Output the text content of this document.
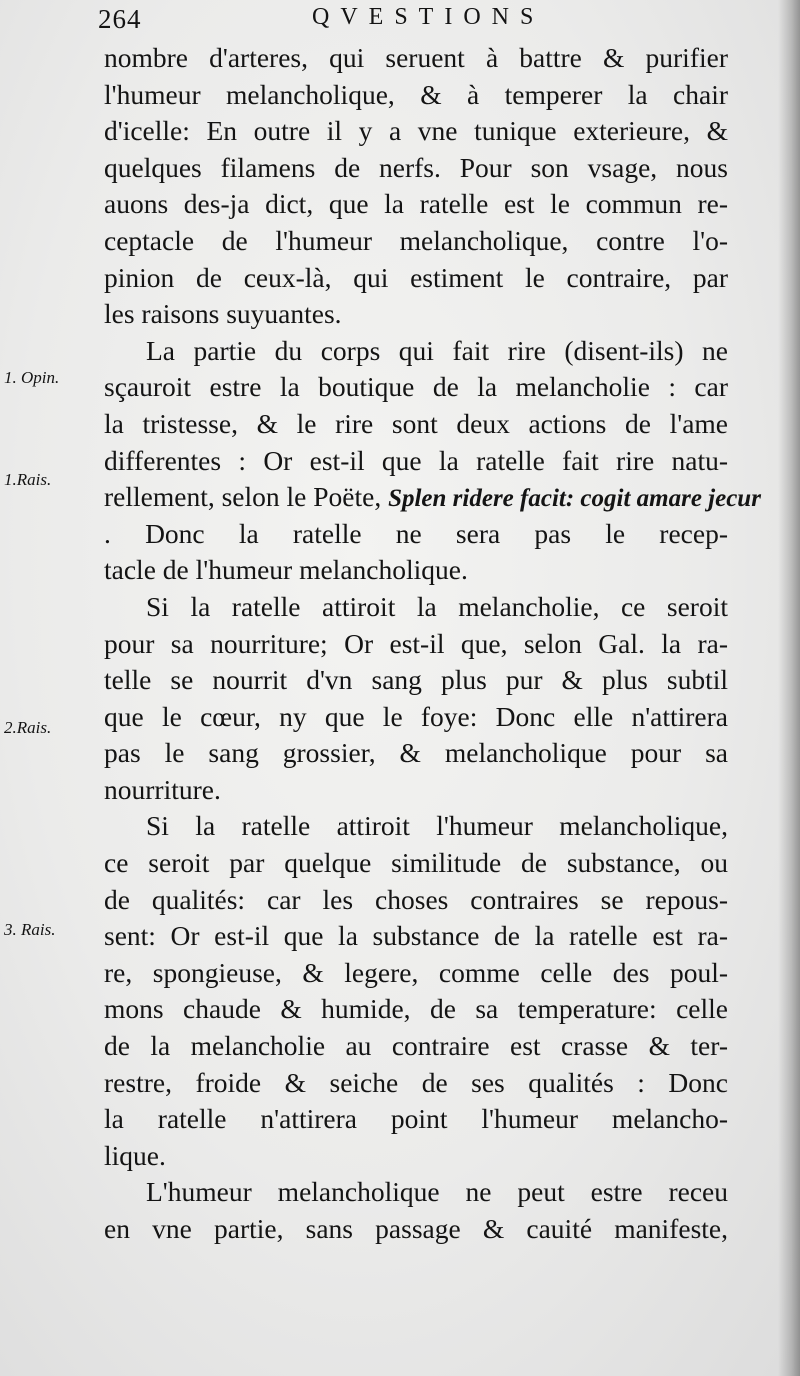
264	QVESTIONS
1. Opin.
1.Rais.
2.Rais.
3. Rais.
nombre d'arteres, qui seruent à battre & purifier
l'humeur melancholique, & à temperer la chair
d'icelle: En outre il y a vne tunique exterieure, &
quelques filamens de nerfs. Pour son vsage, nous
auons des-ja dict, que la ratelle est le commun re-
ceptacle de l'humeur melancholique, contre l'o-
pinion de ceux-là, qui estiment le contraire, par
les raisons suyuantes.
La partie du corps qui fait rire (disent-ils) ne
sçauroit estre la boutique de la melancholie : car
la tristesse, & le rire sont deux actions de l'ame
differentes : Or est-il que la ratelle fait rire natu-
rellement, selon le Poëte, Splen ridere facit: cogit amare jecur
. Donc la ratelle ne sera pas le recep-
tacle de l'humeur melancholique.
Si la ratelle attiroit la melancholie, ce seroit
pour sa nourriture; Or est-il que, selon Gal. la ra-
telle se nourrit d'vn sang plus pur & plus subtil
que le cœur, ny que le foye: Donc elle n'attirera
pas le sang grossier, & melancholique pour sa
nourriture.
Si la ratelle attiroit l'humeur melancholique,
ce seroit par quelque similitude de substance, ou
de qualités: car les choses contraires se repous-
sent: Or est-il que la substance de la ratelle est ra-
re, spongieuse, & legere, comme celle des poul-
mons chaude & humide, de sa temperature: celle
de la melancholie au contraire est crasse & ter-
restre, froide & seiche de ses qualités : Donc
la ratelle n'attirera point l'humeur melancho-
lique.
L'humeur melancholique ne peut estre receu
en vne partie, sans passage & cauité manifeste,
